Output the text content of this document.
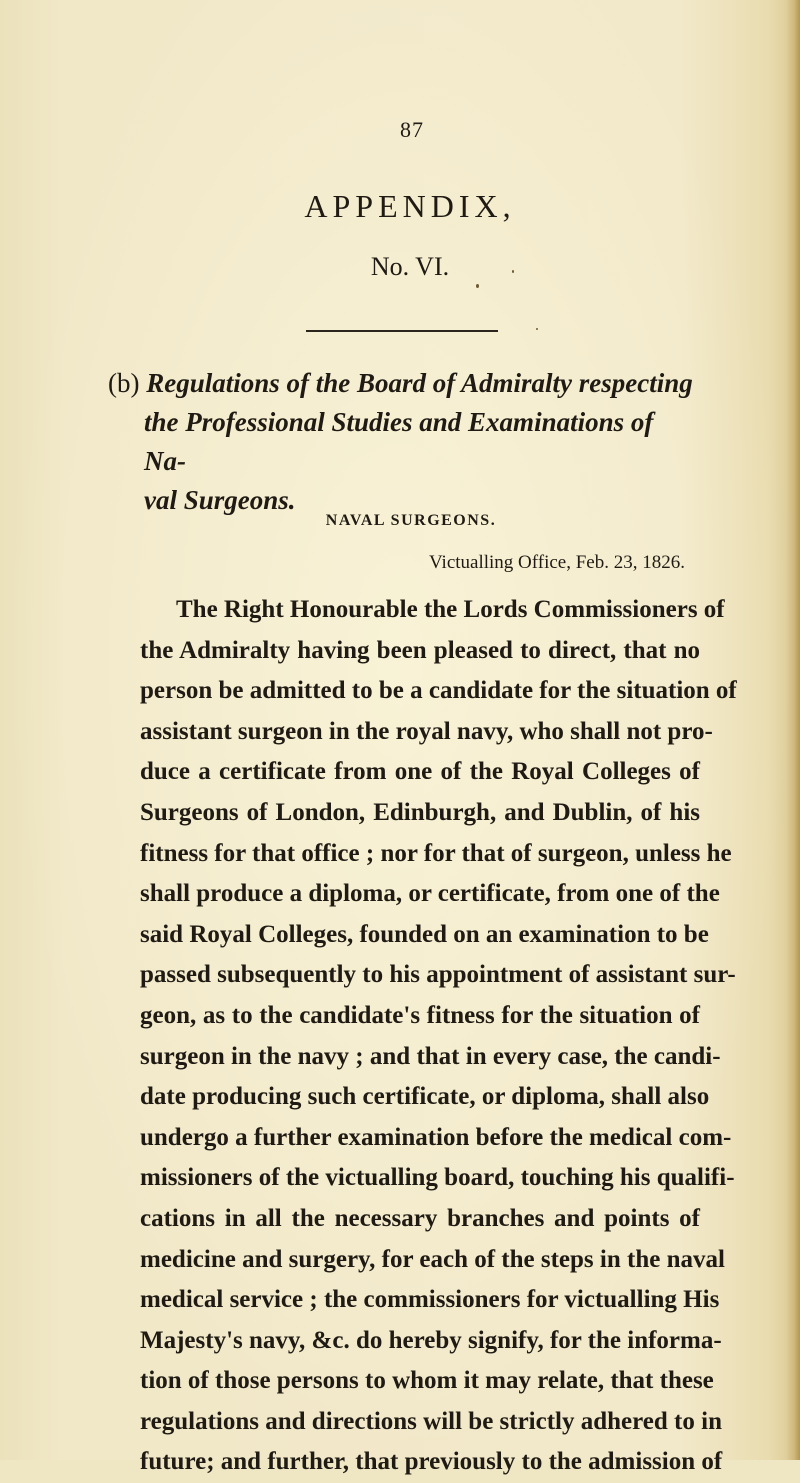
87
APPENDIX,
No. VI.
(b) Regulations of the Board of Admiralty respecting
the Professional Studies and Examinations of Na-
val Surgeons.
NAVAL SURGEONS.
Victualling Office, Feb. 23, 1826.
The Right Honourable the Lords Commissioners of
the Admiralty having been pleased to direct, that no
person be admitted to be a candidate for the situation of
assistant surgeon in the royal navy, who shall not pro-
duce a certificate from one of the Royal Colleges of
Surgeons of London, Edinburgh, and Dublin, of his
fitness for that office ; nor for that of surgeon, unless he
shall produce a diploma, or certificate, from one of the
said Royal Colleges, founded on an examination to be
passed subsequently to his appointment of assistant sur-
geon, as to the candidate's fitness for the situation of
surgeon in the navy ; and that in every case, the candi-
date producing such certificate, or diploma, shall also
undergo a further examination before the medical com-
missioners of the victualling board, touching his qualifi-
cations in all the necessary branches and points of
medicine and surgery, for each of the steps in the naval
medical service ; the commissioners for victualling His
Majesty's navy, &c. do hereby signify, for the informa-
tion of those persons to whom it may relate, that these
regulations and directions will be strictly adhered to in
future; and further, that previously to the admission of
